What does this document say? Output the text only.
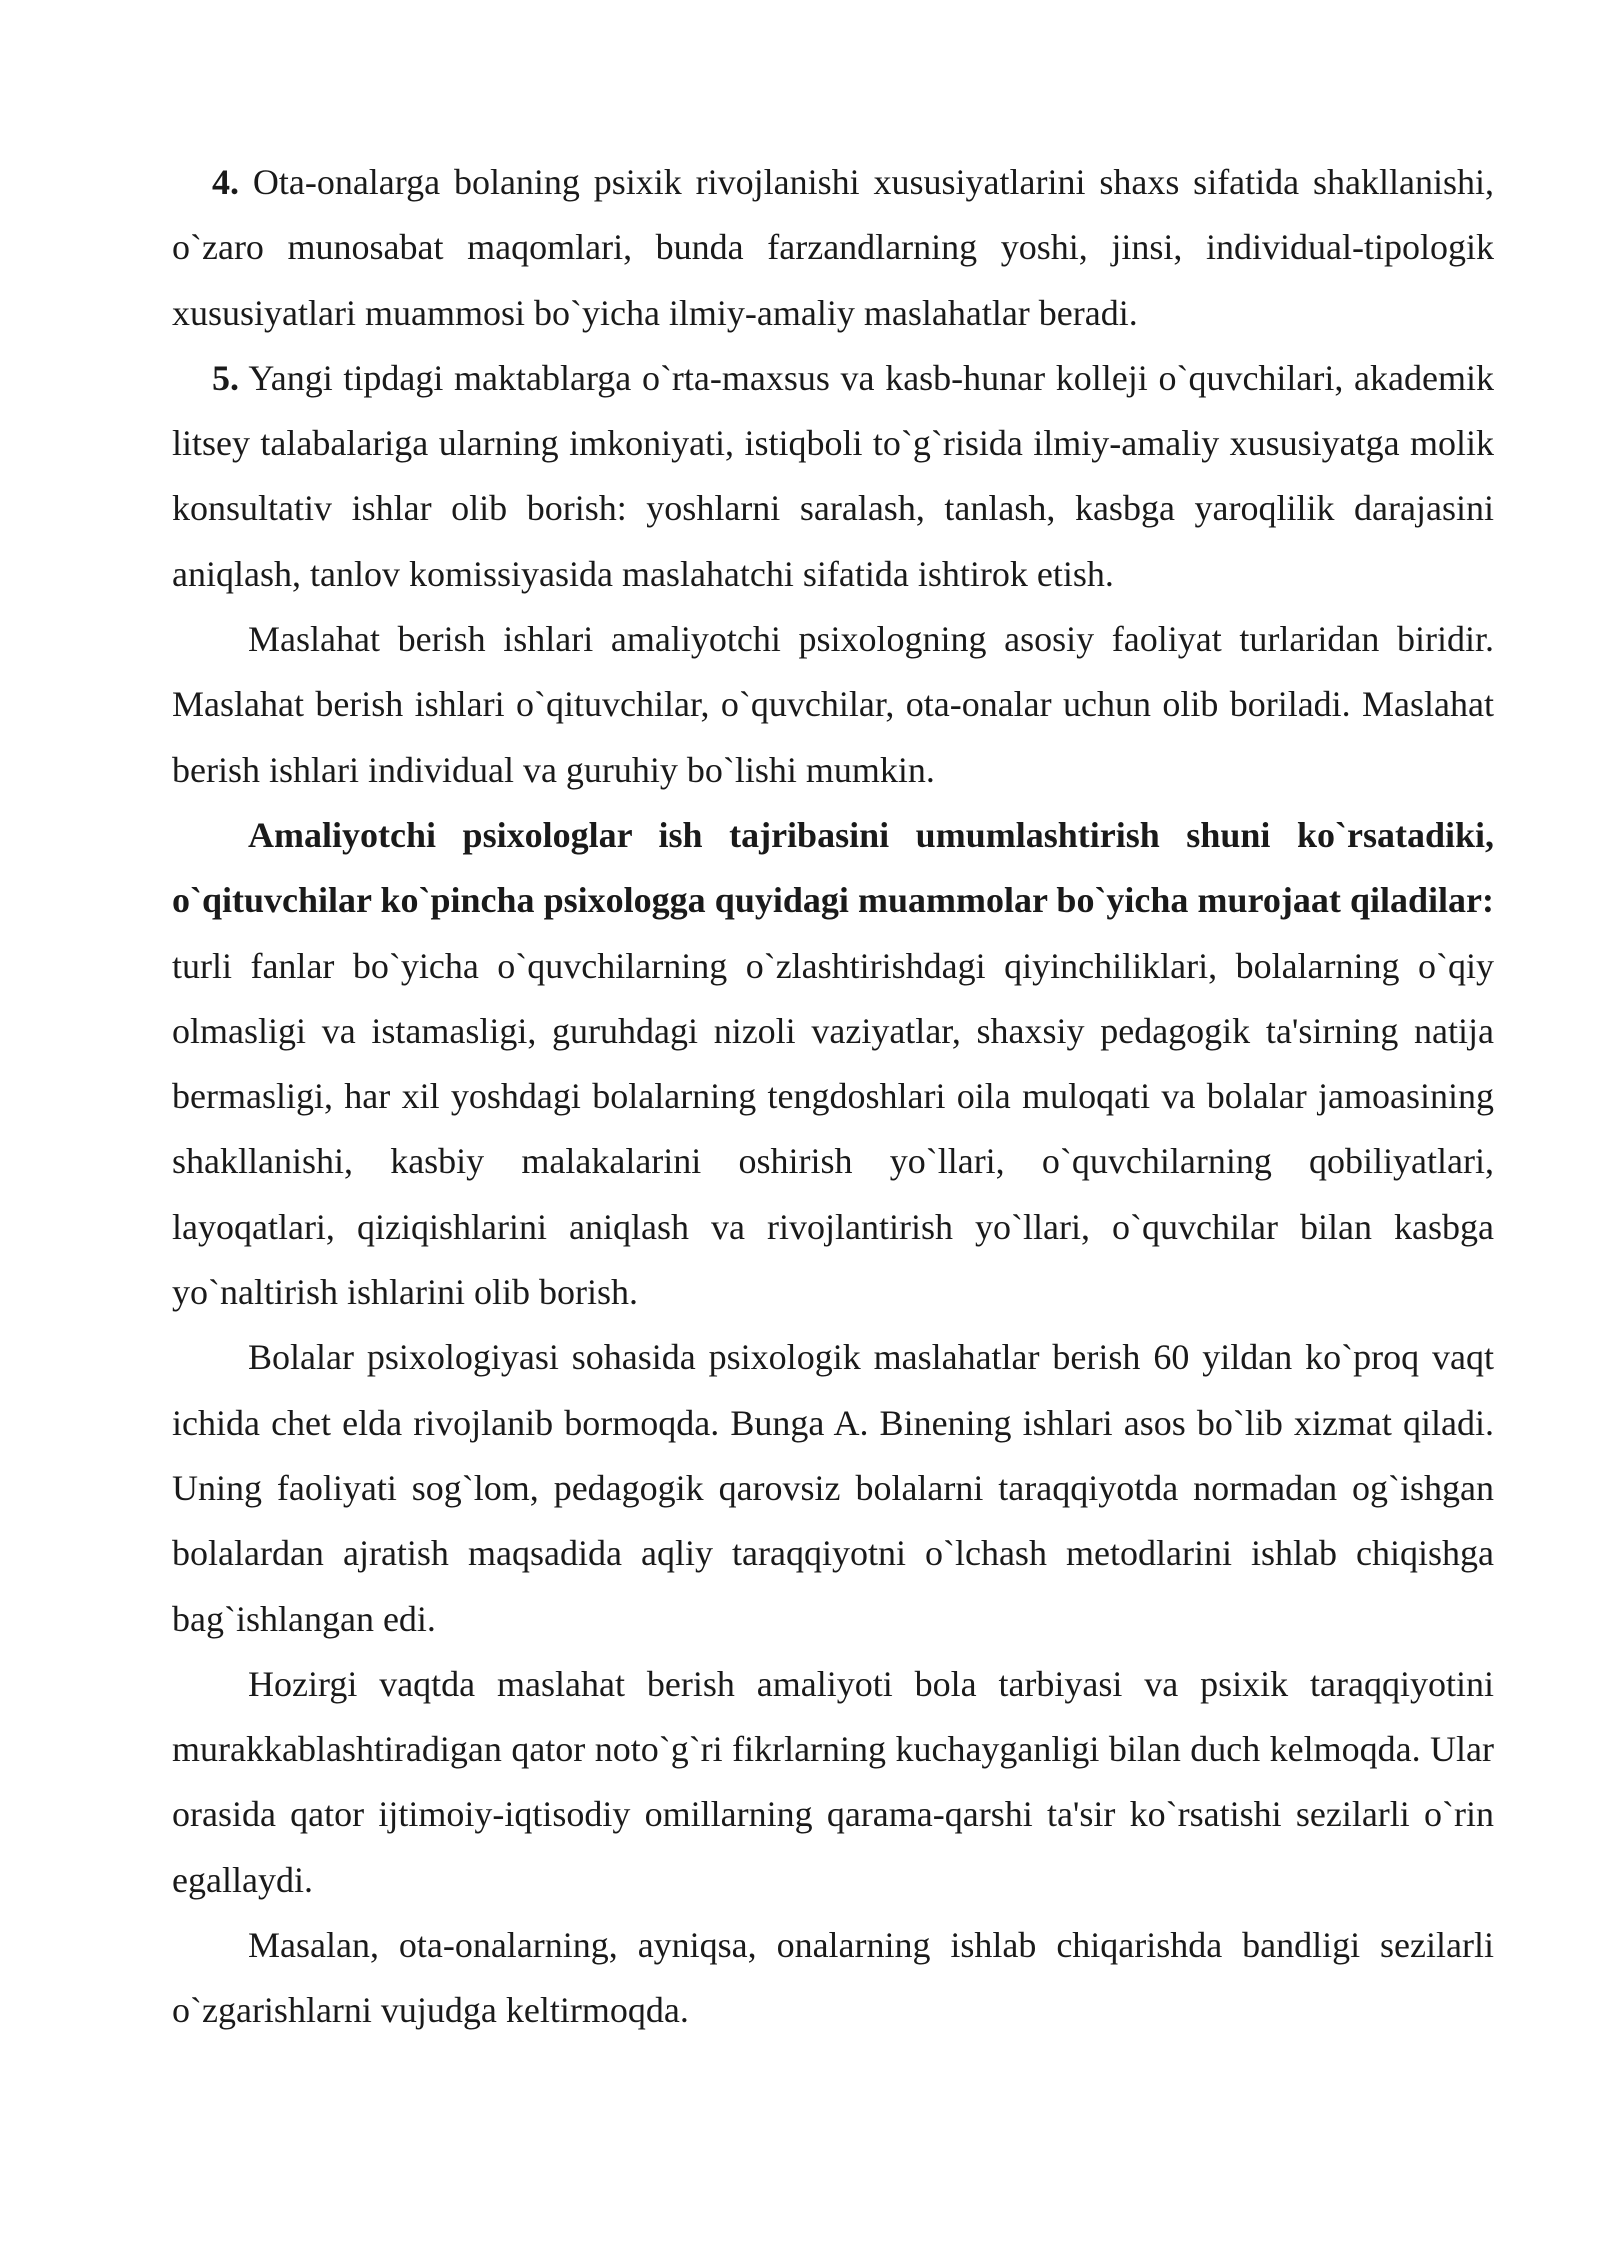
4. Ota-onalarga bolaning psixik rivojlanishi xususiyatlarini shaxs sifatida shakllanishi, o`zaro munosabat maqomlari, bunda farzandlarning yoshi, jinsi, individual-tipologik xususiyatlari muammosi bo`yicha ilmiy-amaliy maslahatlar beradi.

5. Yangi tipdagi maktablarga o`rta-maxsus va kasb-hunar kolleji o`quvchilari, akademik litsey talabalariga ularning imkoniyati, istiqboli to`g`risida ilmiy-amaliy xususiyatga molik konsultativ ishlar olib borish: yoshlarni saralash, tanlash, kasbga yaroqlilik darajasini aniqlash, tanlov komissiyasida maslahatchi sifatida ishtirok etish.

Maslahat berish ishlari amaliyotchi psixologning asosiy faoliyat turlaridan biridir. Maslahat berish ishlari o`qituvchilar, o`quvchilar, ota-onalar uchun olib boriladi. Maslahat berish ishlari individual va guruhiy bo`lishi mumkin.

Amaliyotchi psixologlar ish tajribasini umumlashtirish shuni ko`rsatadiki, o`qituvchilar ko`pincha psixologga quyidagi muammolar bo`yicha murojaat qiladilar: turli fanlar bo`yicha o`quvchilarning o`zlashtirishdagi qiyinchiliklari, bolalarning o`qiy olmasligi va istamasligi, guruhdagi nizoli vaziyatlar, shaxsiy pedagogik ta'sirning natija bermasligi, har xil yoshdagi bolalarning tengdoshlari oila muloqati va bolalar jamoasining shakllanishi, kasbiy malakalarini oshirish yo`llari, o`quvchilarning qobiliyatlari, layoqatlari, qiziqishlarini aniqlash va rivojlantirish yo`llari, o`quvchilar bilan kasbga yo`naltirish ishlarini olib borish.

Bolalar psixologiyasi sohasida psixologik maslahatlar berish 60 yildan ko`proq vaqt ichida chet elda rivojlanib bormoqda. Bunga A. Binening ishlari asos bo`lib xizmat qiladi. Uning faoliyati sog`lom, pedagogik qarovsiz bolalarni taraqqiyotda normadan og`ishgan bolalardan ajratish maqsadida aqliy taraqqiyotni o`lchash metodlarini ishlab chiqishga bag`ishlangan edi.

Hozirgi vaqtda maslahat berish amaliyoti bola tarbiyasi va psixik taraqqiyotini murakkablashtiradigan qator noto`g`ri fikrlarning kuchayganligi bilan duch kelmoqda. Ular orasida qator ijtimoiy-iqtisodiy omillarning qarama-qarshi ta'sir ko`rsatishi sezilarli o`rin egallaydi.

Masalan, ota-onalarning, ayniqsa, onalarning ishlab chiqarishda bandligi sezilarli o`zgarishlarni vujudga keltirmoqda.
